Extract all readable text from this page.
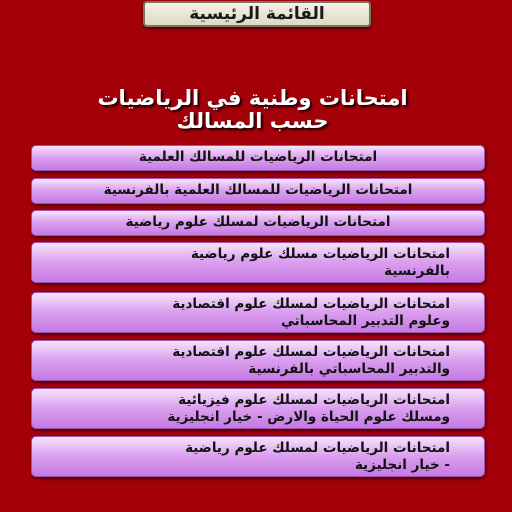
القائمة الرئيسية
امتحانات وطنية في الرياضيات
حسب المسالك
امتحانات الرياضيات للمسالك العلمية
امتحانات الرياضيات للمسالك العلمية بالفرنسية
امتحانات الرياضيات لمسلك علوم رياضية
امتحانات الرياضيات مسلك علوم رياضية
بالفرنسية
امتحانات الرياضيات لمسلك علوم اقتصادية
وعلوم التدبير المحاسباتي
امتحانات الرياضيات لمسلك علوم اقتصادية
والتدبير المحاسباتي بالفرنسية
امتحانات الرياضيات لمسلك علوم فيزيائية
ومسلك علوم الحياة والارض - خيار انجليزية
امتحانات الرياضيات لمسلك علوم رياضية
- خيار انجليزية
